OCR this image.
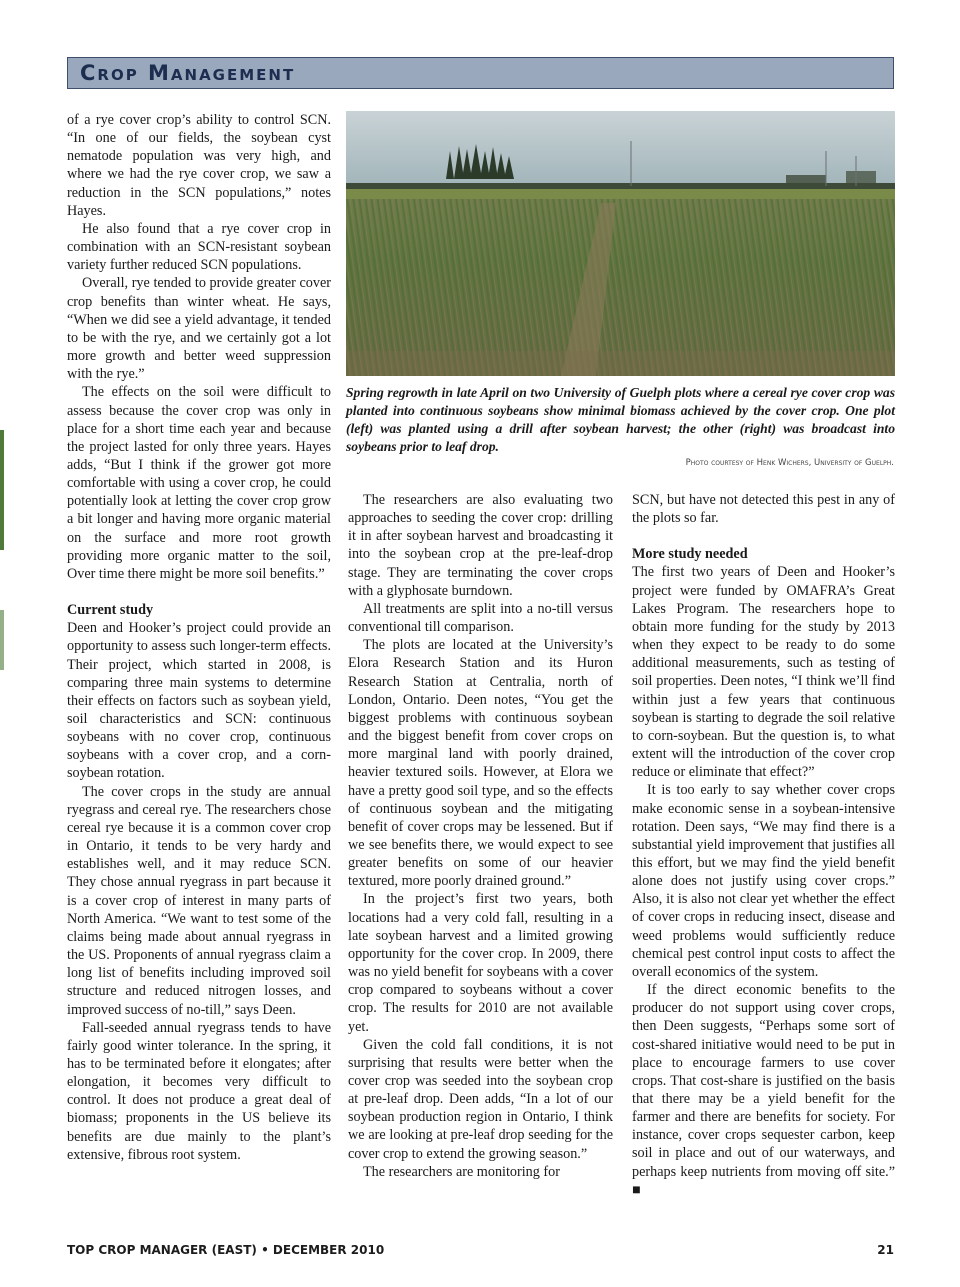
Crop Management

of a rye cover crop’s ability to control SCN. “In one of our fields, the soybean cyst nematode population was very high, and where we had the rye cover crop, we saw a reduction in the SCN populations,” notes Hayes.

He also found that a rye cover crop in combination with an SCN-resistant soybean variety further reduced SCN populations.

Overall, rye tended to provide greater cover crop benefits than winter wheat. He says, “When we did see a yield advantage, it tended to be with the rye, and we certainly got a lot more growth and better weed suppression with the rye.”

The effects on the soil were difficult to assess because the cover crop was only in place for a short time each year and because the project lasted for only three years. Hayes adds, “But I think if the grower got more comfortable with using a cover crop, he could potentially look at letting the cover crop grow a bit longer and having more organic material on the surface and more root growth providing more organic matter to the soil, Over time there might be more soil benefits.”

Current study

Deen and Hooker’s project could provide an opportunity to assess such longer-term effects. Their project, which started in 2008, is comparing three main systems to determine their effects on factors such as soybean yield, soil characteristics and SCN: continuous soybeans with no cover crop, continuous soybeans with a cover crop, and a corn-soybean rotation.

The cover crops in the study are annual ryegrass and cereal rye. The researchers chose cereal rye because it is a common cover crop in Ontario, it tends to be very hardy and establishes well, and it may reduce SCN. They chose annual ryegrass in part because it is a cover crop of interest in many parts of North America. “We want to test some of the claims being made about annual ryegrass in the US. Proponents of annual ryegrass claim a long list of benefits including improved soil structure and reduced nitrogen losses, and improved success of no-till,” says Deen.

Fall-seeded annual ryegrass tends to have fairly good winter tolerance. In the spring, it has to be terminated before it elongates; after elongation, it becomes very difficult to control. It does not produce a great deal of biomass; proponents in the US believe its benefits are due mainly to the plant’s extensive, fibrous root system.

Spring regrowth in late April on two University of Guelph plots where a cereal rye cover crop was planted into continuous soybeans show minimal biomass achieved by the cover crop. One plot (left) was planted using a drill after soybean harvest; the other (right) was broadcast into soybeans prior to leaf drop.
Photo courtesy of Henk Wichers, University of Guelph.

The researchers are also evaluating two approaches to seeding the cover crop: drilling it in after soybean harvest and broadcasting it into the soybean crop at the pre-leaf-drop stage. They are terminating the cover crops with a glyphosate burndown.

All treatments are split into a no-till versus conventional till comparison.

The plots are located at the University’s Elora Research Station and its Huron Research Station at Centralia, north of London, Ontario. Deen notes, “You get the biggest problems with continuous soybean and the biggest benefit from cover crops on more marginal land with poorly drained, heavier textured soils. However, at Elora we have a pretty good soil type, and so the effects of continuous soybean and the mitigating benefit of cover crops may be lessened. But if we see benefits there, we would expect to see greater benefits on some of our heavier textured, more poorly drained ground.”

In the project’s first two years, both locations had a very cold fall, resulting in a late soybean harvest and a limited growing opportunity for the cover crop. In 2009, there was no yield benefit for soybeans with a cover crop compared to soybeans without a cover crop. The results for 2010 are not available yet.

Given the cold fall conditions, it is not surprising that results were better when the cover crop was seeded into the soybean crop at pre-leaf drop. Deen adds, “In a lot of our soybean production region in Ontario, I think we are looking at pre-leaf drop seeding for the cover crop to extend the growing season.”

The researchers are monitoring for

SCN, but have not detected this pest in any of the plots so far.

More study needed

The first two years of Deen and Hooker’s project were funded by OMAFRA’s Great Lakes Program. The researchers hope to obtain more funding for the study by 2013 when they expect to be ready to do some additional measurements, such as testing of soil properties. Deen notes, “I think we’ll find within just a few years that continuous soybean is starting to degrade the soil relative to corn-soybean. But the question is, to what extent will the introduction of the cover crop reduce or eliminate that effect?”

It is too early to say whether cover crops make economic sense in a soybean-intensive rotation. Deen says, “We may find there is a substantial yield improvement that justifies all this effort, but we may find the yield benefit alone does not justify using cover crops.” Also, it is also not clear yet whether the effect of cover crops in reducing insect, disease and weed problems would sufficiently reduce chemical pest control input costs to affect the overall economics of the system.

If the direct economic benefits to the producer do not support using cover crops, then Deen suggests, “Perhaps some sort of cost-shared initiative would need to be put in place to encourage farmers to use cover crops. That cost-share is justified on the basis that there may be a yield benefit for the farmer and there are benefits for society. For instance, cover crops sequester carbon, keep soil in place and out of our waterways, and perhaps keep nutrients from moving off site.” ■

TOP CROP MANAGER (EAST) • DECEMBER 2010	21
